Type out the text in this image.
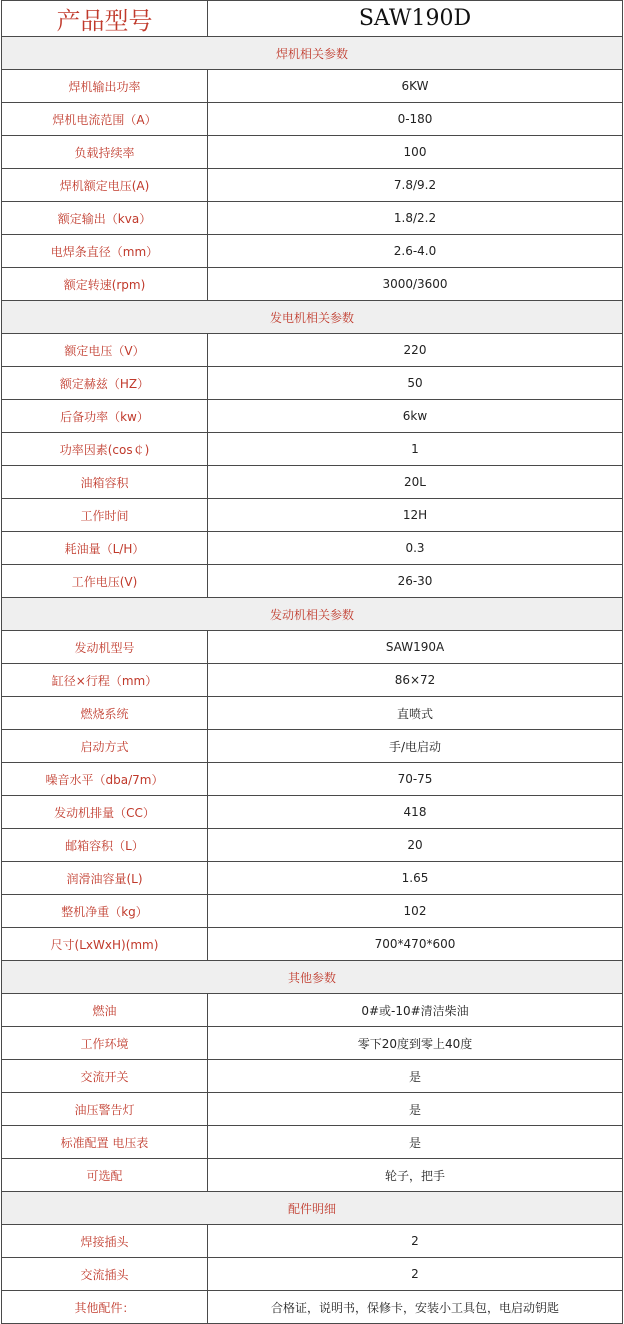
产品型号	SAW190D
焊机相关参数	
焊机输出功率	6KW
焊机电流范围（A）	0-180
负载持续率	100
焊机额定电压(A)	7.8/9.2
额定输出（kva）	1.8/2.2
电焊条直径（mm）	2.6-4.0
额定转速(rpm)	3000/3600
发电机相关参数	
额定电压（V）	220
额定赫兹（HZ）	50
后备功率（kw）	6kw
功率因素(cos￠)	1
油箱容积	20L
工作时间	12H
耗油量（L/H）	0.3
工作电压(V)	26-30
发动机相关参数	
发动机型号	SAW190A
缸径×行程（mm）	86×72
燃烧系统	直喷式
启动方式	手/电启动
噪音水平（dba/7m）	70-75
发动机排量（CC）	418
邮箱容积（L）	20
润滑油容量(L)	1.65
整机净重（kg）	102
尺寸(LxWxH)(mm)	700*470*600
其他参数	
燃油	0#或-10#清洁柴油
工作环境	零下20度到零上40度
交流开关	是
油压警告灯	是
标准配置 电压表	是
可选配	轮子，把手
配件明细	
焊接插头	2
交流插头	2
其他配件：	合格证，说明书，保修卡，安装小工具包，电启动钥匙
